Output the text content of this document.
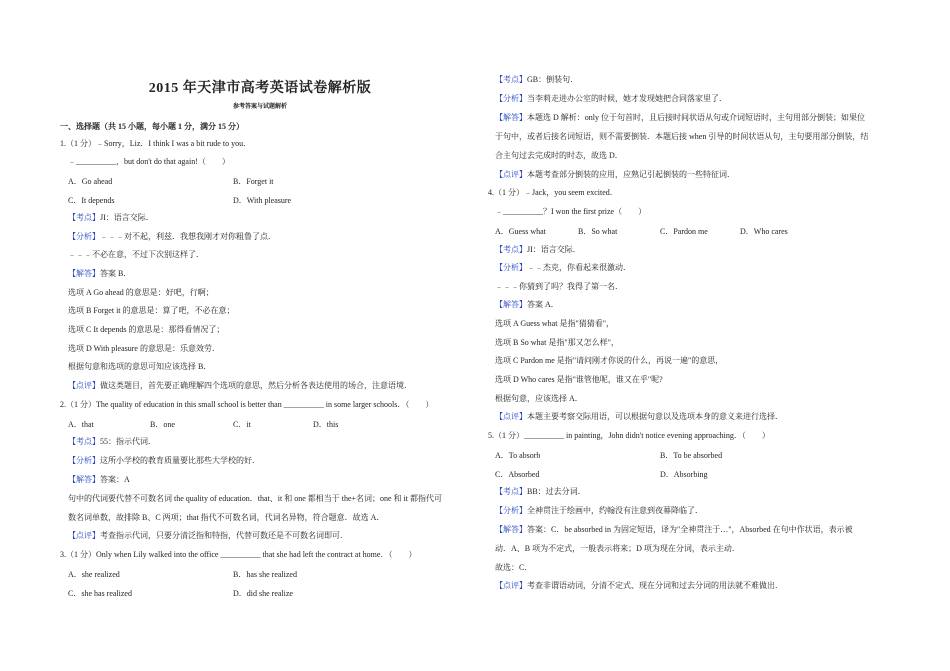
2015 年天津市高考英语试卷解析版
参考答案与试题解析
一、选择题（共 15 小题，每小题 1 分，满分 15 分）
1.（1 分）﹣Sorry，Liz．I think I was a bit rude to you．
﹣__________，but don't do that again!（　　）
A．Go ahead	B．Forget it
C．It depends	D．With pleasure
【考点】JI：语言交际．
【分析】﹣﹣﹣对不起，利兹．我想我刚才对你粗鲁了点．
﹣﹣﹣不必在意，不过下次别这样了．
【解答】答案 B．
选项 A Go ahead 的意思是：好吧，行啊；
选项 B Forget it 的意思是：算了吧，不必在意；
选项 C It depends 的意思是：那得看情况了；
选项 D With pleasure 的意思是：乐意效劳．
根据句意和选项的意思可知应该选择 B．
【点评】做这类题目，首先要正确理解四个选项的意思，然后分析各表达使用的场合，注意语境．
2.（1 分）The quality of education in this small school is better than __________ in some larger schools．（　　）
A．that	B．one	C．it	D．this
【考点】55：指示代词．
【分析】这所小学校的教育质量要比那些大学校的好．
【解答】答案：A
句中的代词要代替不可数名词 the quality of education．that、it 和 one 都相当于 the+名词；one 和 it 都指代可
数名词单数，故排除 B、C 两项；that 指代不可数名词，代词名异物，符合题意．故选 A．
【点评】考查指示代词，只要分清泛指和特指，代替可数还是不可数名词即可．
3.（1 分）Only when Lily walked into the office __________ that she had left the contract at home．（　　）
A．she realized	B．has she realized
C．she has realized	D．did she realize
【考点】GB：倒装句．
【分析】当李莉走进办公室的时候，她才发现她把合同落家里了．
【解答】本题选 D 解析：only 位于句首时，且后接时间状语从句或介词短语时，主句用部分倒装；如果位
于句中，或者后接名词短语，则不需要倒装．本题后接 when 引导的时间状语从句，主句要用部分倒装，结
合主句过去完成时的时态，故选 D．
【点评】本题考查部分倒装的应用，应熟记引起倒装的一些特征词．
4.（1 分）﹣Jack，you seem excited．
﹣__________？I won the first prize（　　）
A．Guess what	B．So what	C．Pardon me	D．Who cares
【考点】JI：语言交际．
【分析】﹣﹣杰克，你看起来很激动．
﹣﹣﹣你猜到了吗？我得了第一名．
【解答】答案 A．
选项 A Guess what 是指"猜猜看"，
选项 B So what 是指"那又怎么样"，
选项 C Pardon me 是指"请问刚才你说的什么，再说一遍"的意思，
选项 D Who cares 是指"谁管他呢，谁又在乎"呢?
根据句意，应该选择 A．
【点评】本题主要考察交际用语，可以根据句意以及选项本身的意义来进行选择．
5.（1 分）__________ in painting，John didn't notice evening approaching．（　　）
A．To absorb	B．To be absorbed
C．Absorbed	D．Absorbing
【考点】BB：过去分词．
【分析】全神贯注于绘画中，约翰没有注意到夜幕降临了．
【解答】答案：C．be absorbed in 为固定短语，译为"全神贯注于…"，Absorbed 在句中作状语，表示被
动．A、B 项为不定式，一般表示将来；D 项为现在分词，表示主动．
故选：C．
【点评】考查非谓语动词，分清不定式、现在分词和过去分词的用法就不难做出．
